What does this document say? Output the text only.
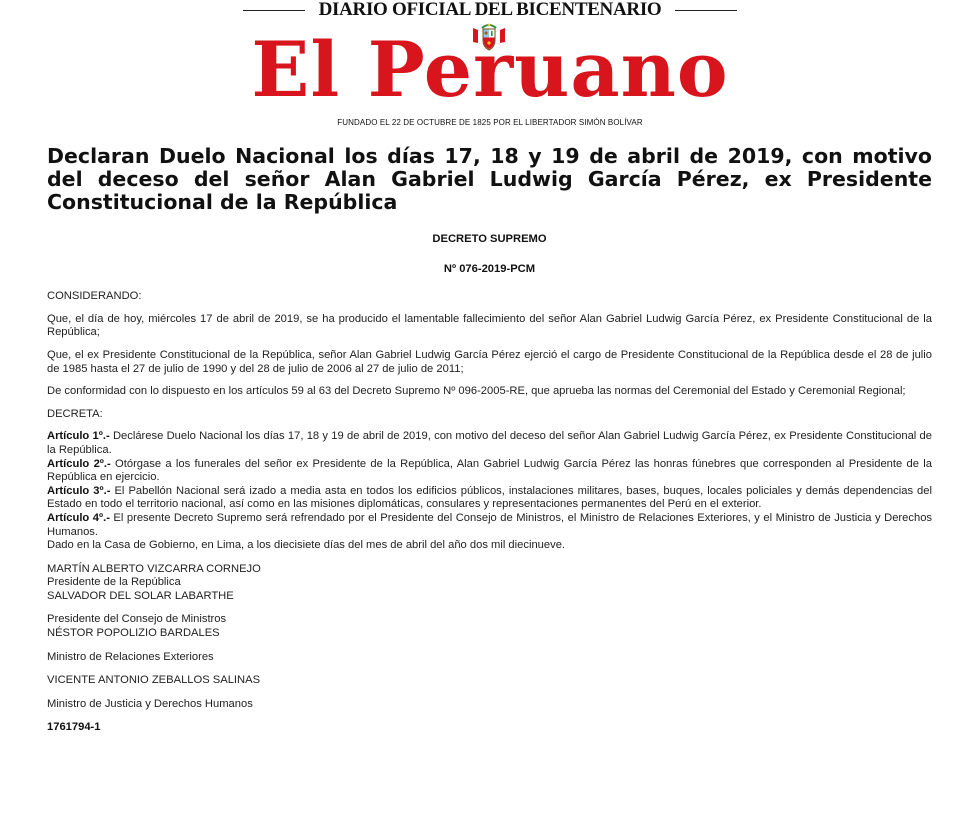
DIARIO OFICIAL DEL BICENTENARIO
El Peruano
FUNDADO EL 22 DE OCTUBRE DE 1825 POR EL LIBERTADOR SIMÓN BOLÍVAR
Declaran Duelo Nacional los días 17, 18 y 19 de abril de 2019, con motivo del deceso del señor Alan Gabriel Ludwig García Pérez, ex Presidente Constitucional de la República

DECRETO SUPREMO

Nº 076-2019-PCM

CONSIDERANDO:

Que, el día de hoy, miércoles 17 de abril de 2019, se ha producido el lamentable fallecimiento del señor Alan Gabriel Ludwig García Pérez, ex Presidente Constitucional de la República;

Que, el ex Presidente Constitucional de la República, señor Alan Gabriel Ludwig García Pérez ejerció el cargo de Presidente Constitucional de la República desde el 28 de julio de 1985 hasta el 27 de julio de 1990 y del 28 de julio de 2006 al 27 de julio de 2011;

De conformidad con lo dispuesto en los artículos 59 al 63 del Decreto Supremo Nº 096-2005-RE, que aprueba las normas del Ceremonial del Estado y Ceremonial Regional;

DECRETA:

Artículo 1º.- Declárese Duelo Nacional los días 17, 18 y 19 de abril de 2019, con motivo del deceso del señor Alan Gabriel Ludwig García Pérez, ex Presidente Constitucional de la República.

Artículo 2º.- Otórgase a los funerales del señor ex Presidente de la República, Alan Gabriel Ludwig García Pérez las honras fúnebres que corresponden al Presidente de la República en ejercicio.

Artículo 3º.- El Pabellón Nacional será izado a media asta en todos los edificios públicos, instalaciones militares, bases, buques, locales policiales y demás dependencias del Estado en todo el territorio nacional, así como en las misiones diplomáticas, consulares y representaciones permanentes del Perú en el exterior.

Artículo 4º.- El presente Decreto Supremo será refrendado por el Presidente del Consejo de Ministros, el Ministro de Relaciones Exteriores, y el Ministro de Justicia y Derechos Humanos.

Dado en la Casa de Gobierno, en Lima, a los diecisiete días del mes de abril del año dos mil diecinueve.

MARTÍN ALBERTO VIZCARRA CORNEJO

Presidente de la República

SALVADOR DEL SOLAR LABARTHE

Presidente del Consejo de Ministros

NÉSTOR POPOLIZIO BARDALES

Ministro de Relaciones Exteriores

VICENTE ANTONIO ZEBALLOS SALINAS

Ministro de Justicia y Derechos Humanos

1761794-1
